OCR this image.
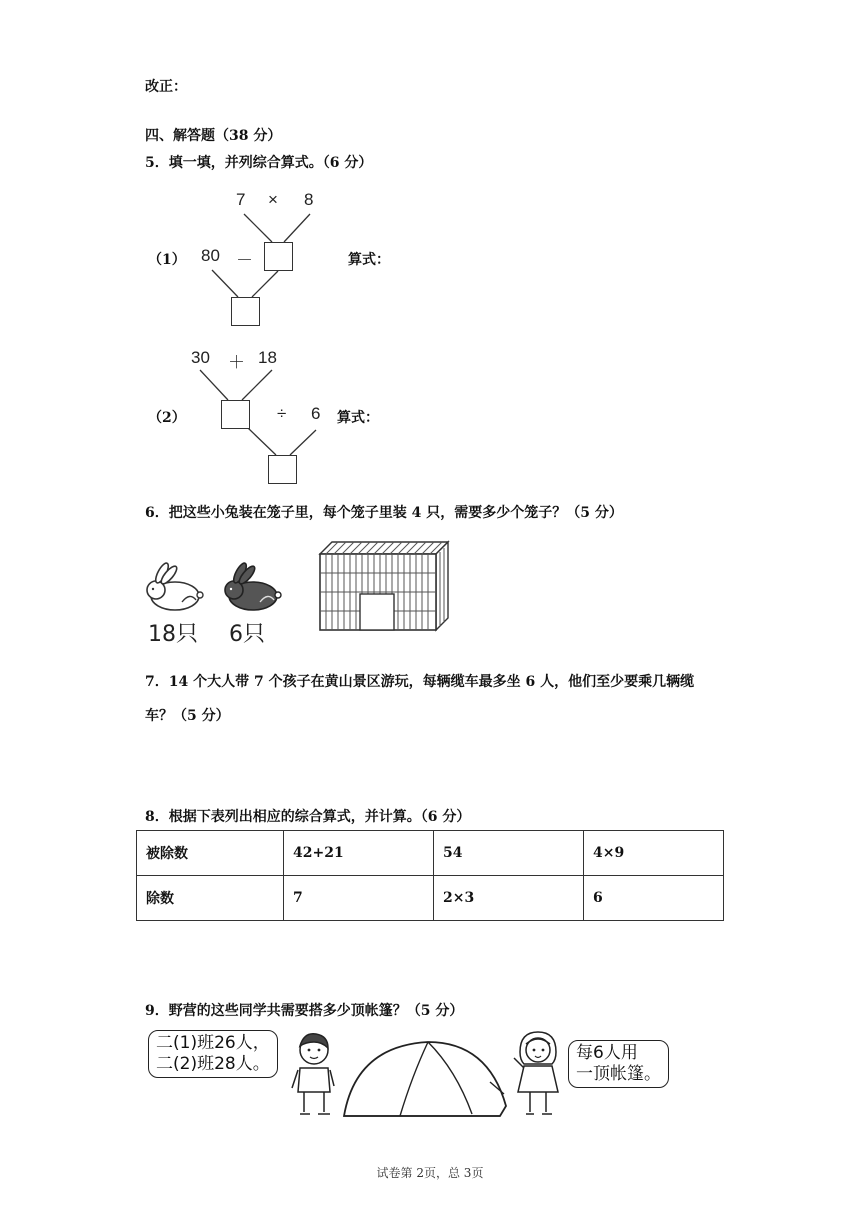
改正：
四、解答题（38 分）
5．填一填，并列综合算式。（6 分）
7 × 8
（1） 80 －	算式：
30 ＋ 18
（2）	÷ 6 算式：
6．把这些小兔装在笼子里，每个笼子里装 4 只，需要多少个笼子？（5 分）
18只 6只
7．14 个大人带 7 个孩子在黄山景区游玩，每辆缆车最多坐 6 人，他们至少要乘几辆缆
车？（5 分）
8．根据下表列出相应的综合算式，并计算。（6 分）
被除数	42+21	54	4×9
除数	7	2×3	6
9．野营的这些同学共需要搭多少顶帐篷？（5 分）
二(1)班26人，
二(2)班28人。
每6人用
一顶帐篷。
试卷第 2页，总 3页
